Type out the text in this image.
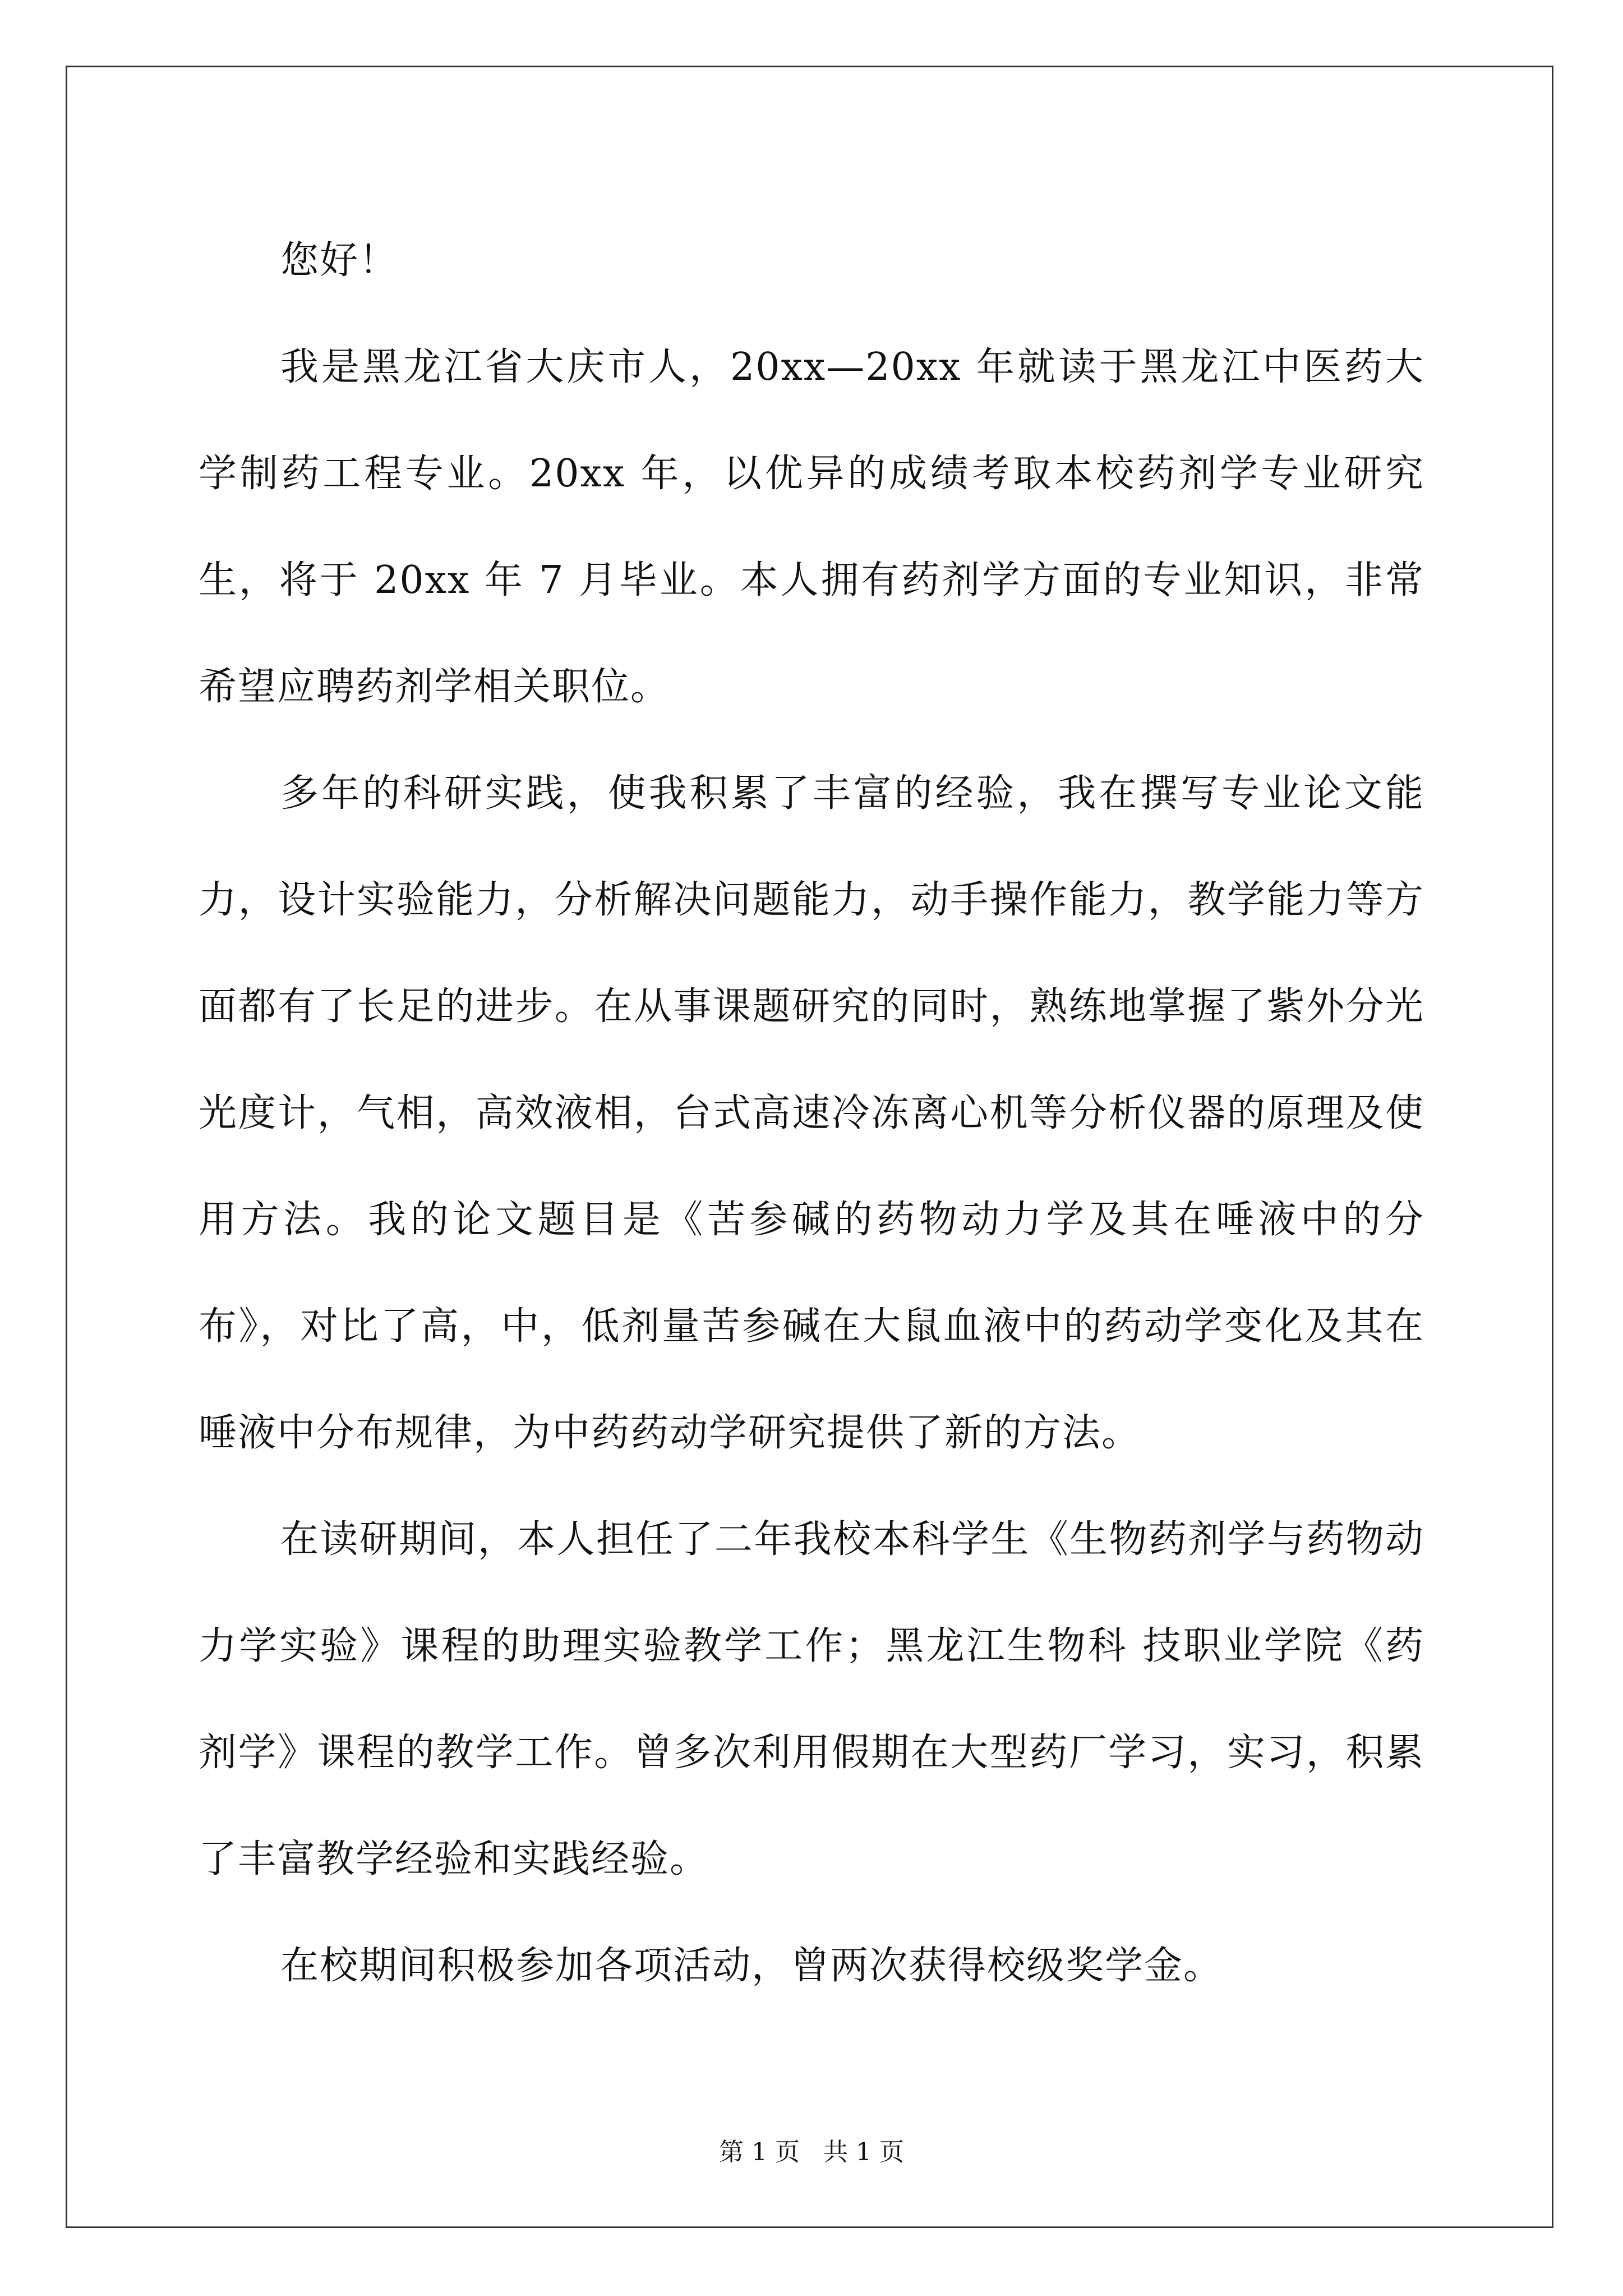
您好！

我是黑龙江省大庆市人，20xx—20xx 年就读于黑龙江中医药大学制药工程专业。20xx 年，以优异的成绩考取本校药剂学专业研究生，将于 20xx 年 7 月毕业。本人拥有药剂学方面的专业知识，非常希望应聘药剂学相关职位。

多年的科研实践，使我积累了丰富的经验，我在撰写专业论文能力，设计实验能力，分析解决问题能力，动手操作能力，教学能力等方面都有了长足的进步。在从事课题研究的同时，熟练地掌握了紫外分光光度计，气相，高效液相，台式高速冷冻离心机等分析仪器的原理及使用方法。我的论文题目是《苦参碱的药物动力学及其在唾液中的分布》，对比了高，中，低剂量苦参碱在大鼠血液中的药动学变化及其在唾液中分布规律，为中药药动学研究提供了新的方法。

在读研期间，本人担任了二年我校本科学生《生物药剂学与药物动力学实验》课程的助理实验教学工作；黑龙江生物科 技职业学院《药剂学》课程的教学工作。曾多次利用假期在大型药厂学习，实习，积累了丰富教学经验和实践经验。

在校期间积极参加各项活动，曾两次获得校级奖学金。

第 1 页 共 1 页
